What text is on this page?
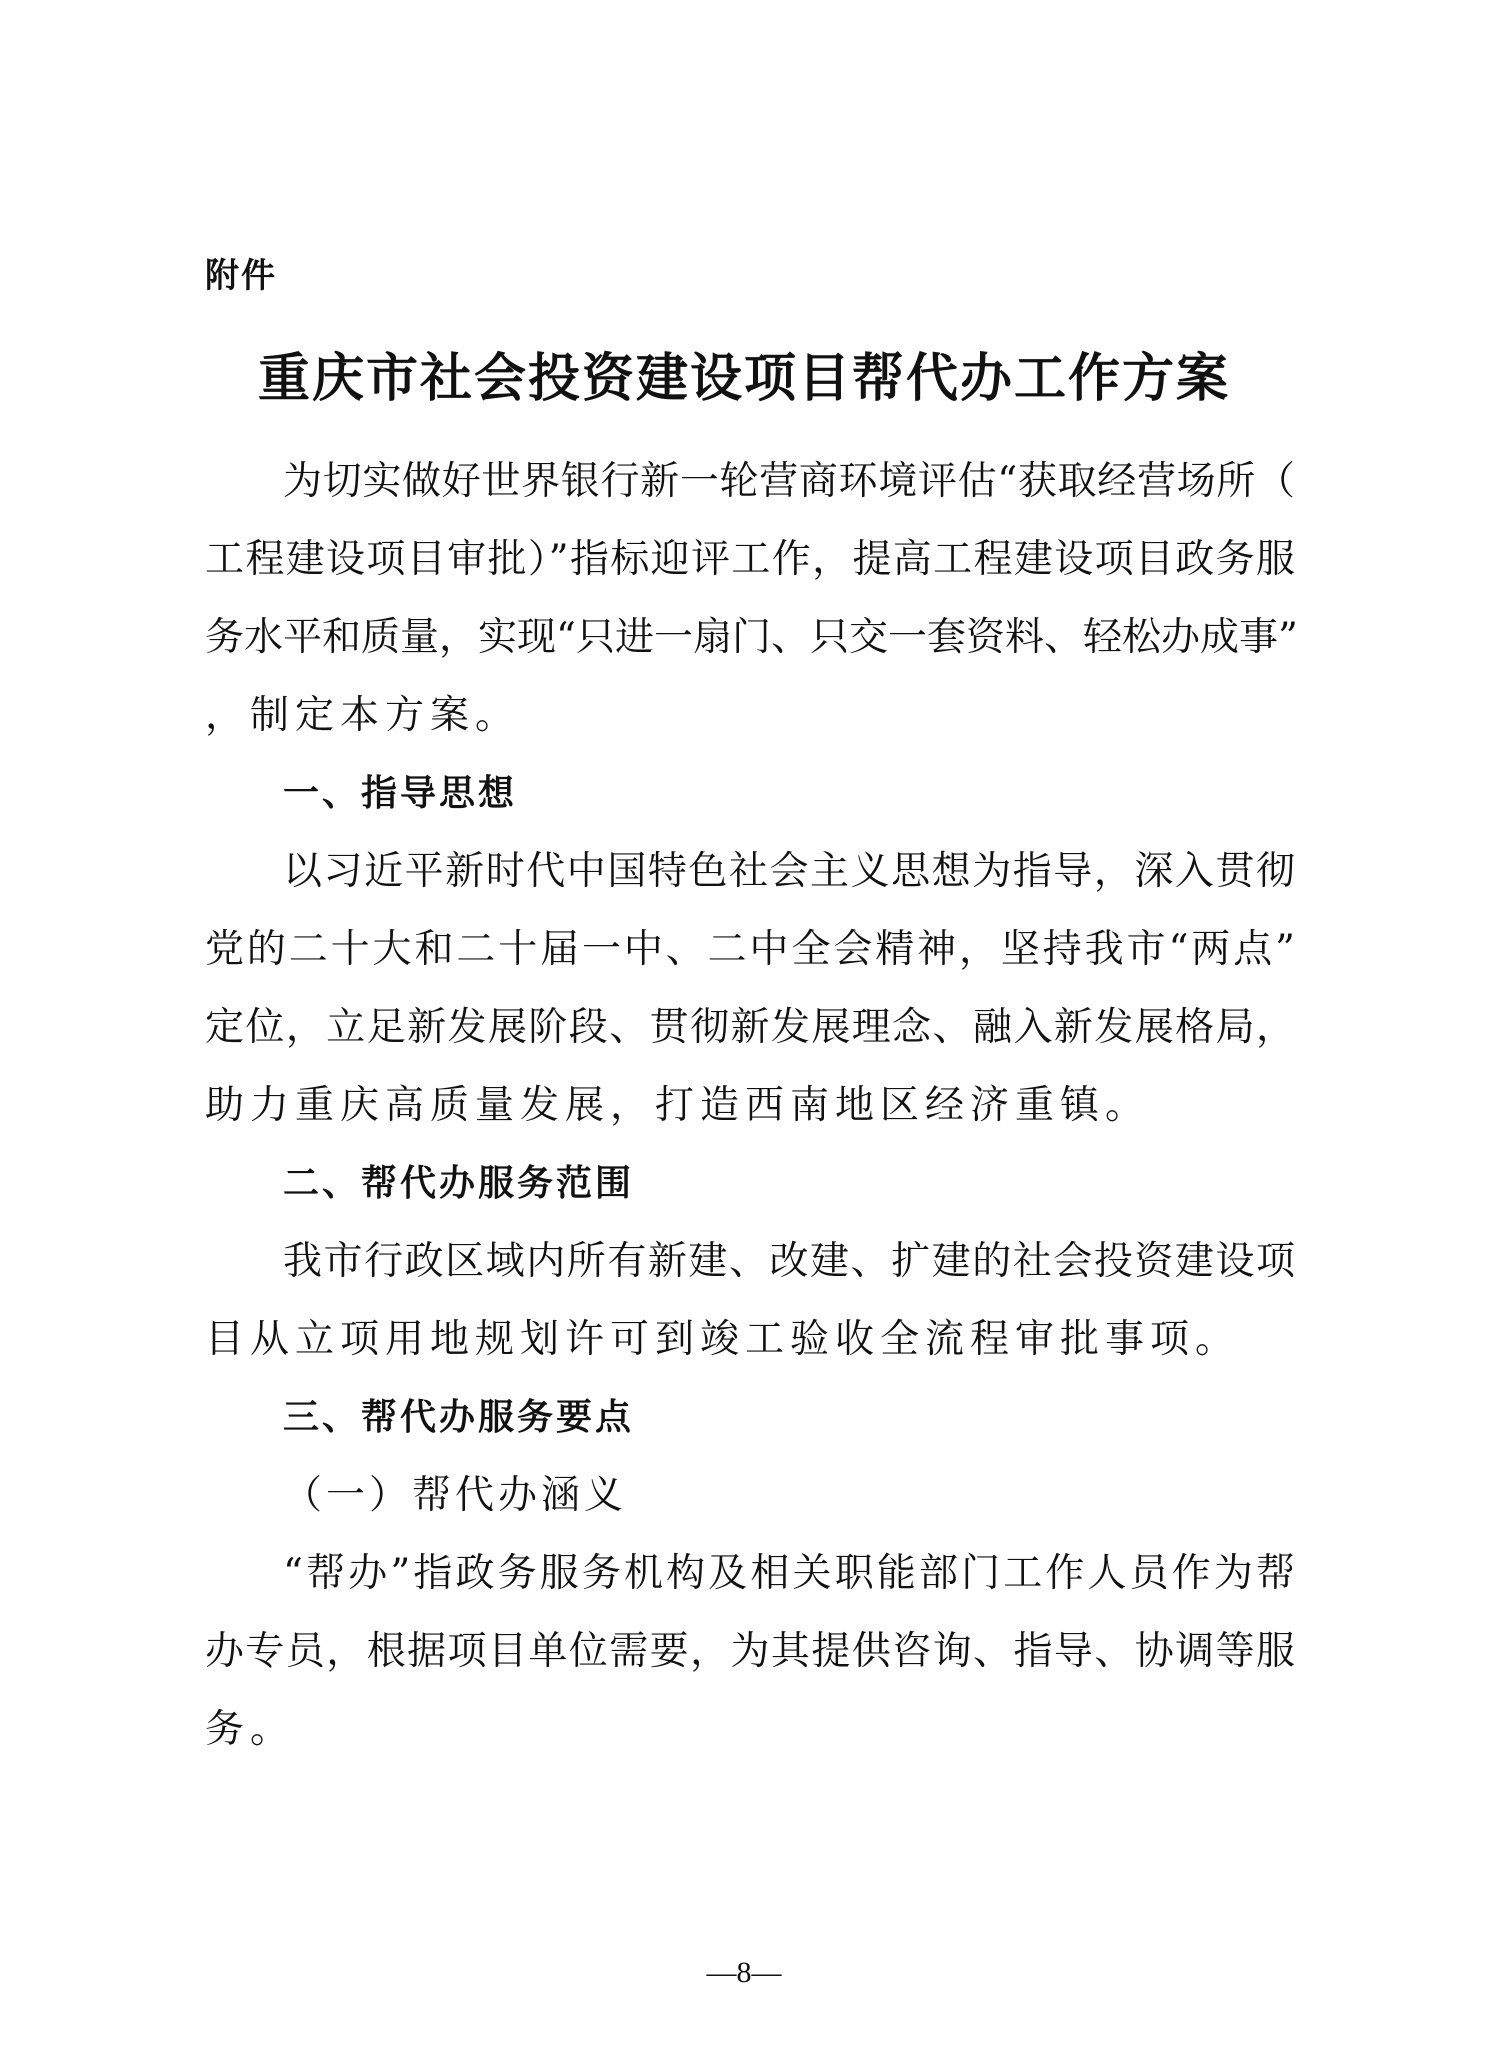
附件
重庆市社会投资建设项目帮代办工作方案
为切实做好世界银行新一轮营商环境评估“获取经营场所（
工程建设项目审批）”指标迎评工作，提高工程建设项目政务服
务水平和质量，实现“只进一扇门、只交一套资料、轻松办成事”
，制定本方案。
一、指导思想
以习近平新时代中国特色社会主义思想为指导，深入贯彻
党的二十大和二十届一中、二中全会精神，坚持我市“两点”
定位，立足新发展阶段、贯彻新发展理念、融入新发展格局，
助力重庆高质量发展，打造西南地区经济重镇。
二、帮代办服务范围
我市行政区域内所有新建、改建、扩建的社会投资建设项
目从立项用地规划许可到竣工验收全流程审批事项。
三、帮代办服务要点
（一）帮代办涵义
“帮办”指政务服务机构及相关职能部门工作人员作为帮
办专员，根据项目单位需要，为其提供咨询、指导、协调等服
务。
—8—
